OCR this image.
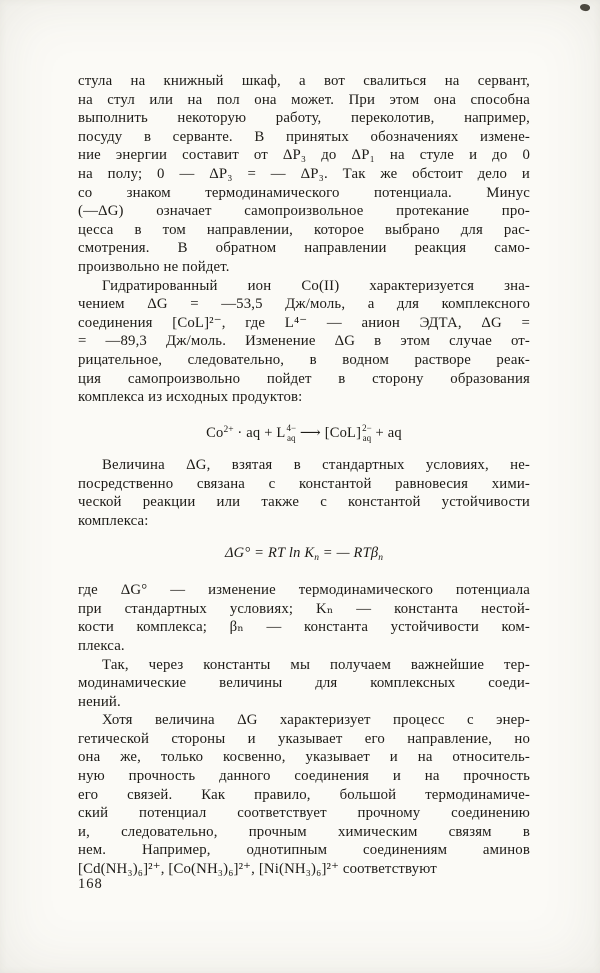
стула на книжный шкаф, а вот свалиться на сервант,
на стул или на пол она может. При этом она способна
выполнить некоторую работу, переколотив, например,
посуду в серванте. В принятых обозначениях измене-
ние энергии составит от ΔP₃ до ΔP₁ на стуле и до 0
на полу; 0 — ΔP₃ = — ΔP₃. Так же обстоит дело и
со знаком термодинамического потенциала. Минус
(—ΔG) означает самопроизвольное протекание про-
цесса в том направлении, которое выбрано для рас-
смотрения. В обратном направлении реакция само-
произвольно не пойдет.
Гидратированный ион Co(II) характеризуется зна-
чением ΔG = —53,5 Дж/моль, а для комплексного
соединения [CoL]²⁻, где L⁴⁻ — анион ЭДТА, ΔG =
= —89,3 Дж/моль. Изменение ΔG в этом случае от-
рицательное, следовательно, в водном растворе реак-
ция самопроизвольно пойдет в сторону образования
комплекса из исходных продуктов:
$Co^{2+}$ · aq + L 4−
aq ⟶ [CoL] 2−
aq + aq
Величина ΔG, взятая в стандартных условиях, не-
посредственно связана с константой равновесия хими-
ческой реакции или также с константой устойчивости
комплекса:
ΔG° = RT $\ln K_n$ = — RTβ$_n$
где ΔG° — изменение термодинамического потенциала
при стандартных условиях; Kₙ — константа нестой-
кости комплекса; βₙ — константа устойчивости ком-
плекса.
Так, через константы мы получаем важнейшие тер-
модинамические величины для комплексных соеди-
нений.
Хотя величина ΔG характеризует процесс с энер-
гетической стороны и указывает его направление, но
она же, только косвенно, указывает и на относитель-
ную прочность данного соединения и на прочность
его связей. Как правило, большой термодинамиче-
ский потенциал соответствует прочному соединению
и, следовательно, прочным химическим связям в
нем. Например, однотипным соединениям аминов
[Cd(NH₃)₆]²⁺, [Co(NH₃)₆]²⁺, [Ni(NH₃)₆]²⁺ соответствуют
168
